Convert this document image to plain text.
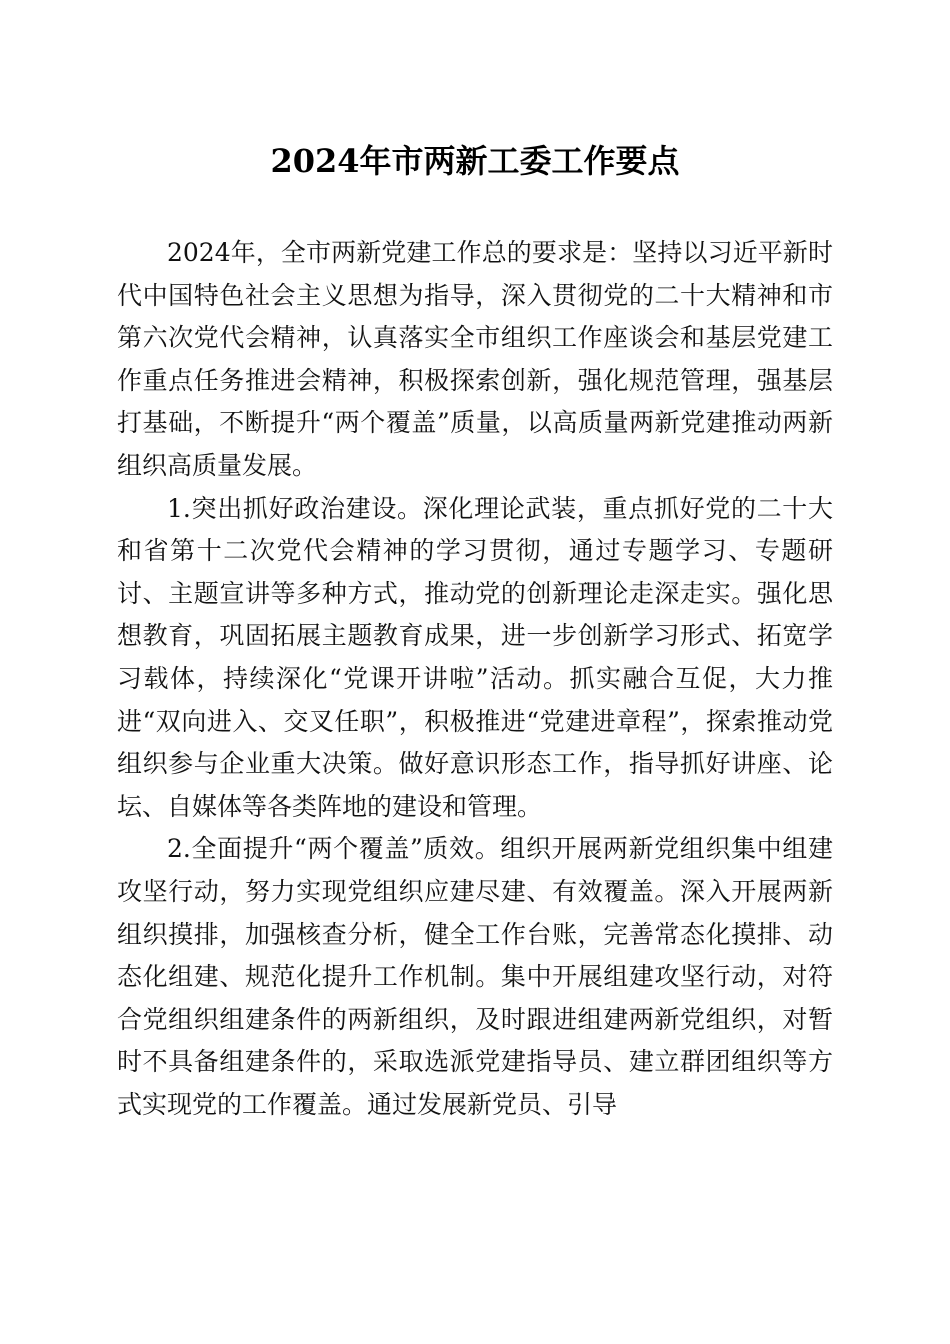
2024年市两新工委工作要点

2024年，全市两新党建工作总的要求是：坚持以习近平新时代中国特色社会主义思想为指导，深入贯彻党的二十大精神和市第六次党代会精神，认真落实全市组织工作座谈会和基层党建工作重点任务推进会精神，积极探索创新，强化规范管理，强基层打基础，不断提升“两个覆盖”质量，以高质量两新党建推动两新组织高质量发展。

1.突出抓好政治建设。深化理论武装，重点抓好党的二十大和省第十二次党代会精神的学习贯彻，通过专题学习、专题研讨、主题宣讲等多种方式，推动党的创新理论走深走实。强化思想教育，巩固拓展主题教育成果，进一步创新学习形式、拓宽学习载体，持续深化“党课开讲啦”活动。抓实融合互促，大力推进“双向进入、交叉任职”，积极推进“党建进章程”，探索推动党组织参与企业重大决策。做好意识形态工作，指导抓好讲座、论坛、自媒体等各类阵地的建设和管理。

2.全面提升“两个覆盖”质效。组织开展两新党组织集中组建攻坚行动，努力实现党组织应建尽建、有效覆盖。深入开展两新组织摸排，加强核查分析，健全工作台账，完善常态化摸排、动态化组建、规范化提升工作机制。集中开展组建攻坚行动，对符合党组织组建条件的两新组织，及时跟进组建两新党组织，对暂时不具备组建条件的，采取选派党建指导员、建立群团组织等方式实现党的工作覆盖。通过发展新党员、引导
